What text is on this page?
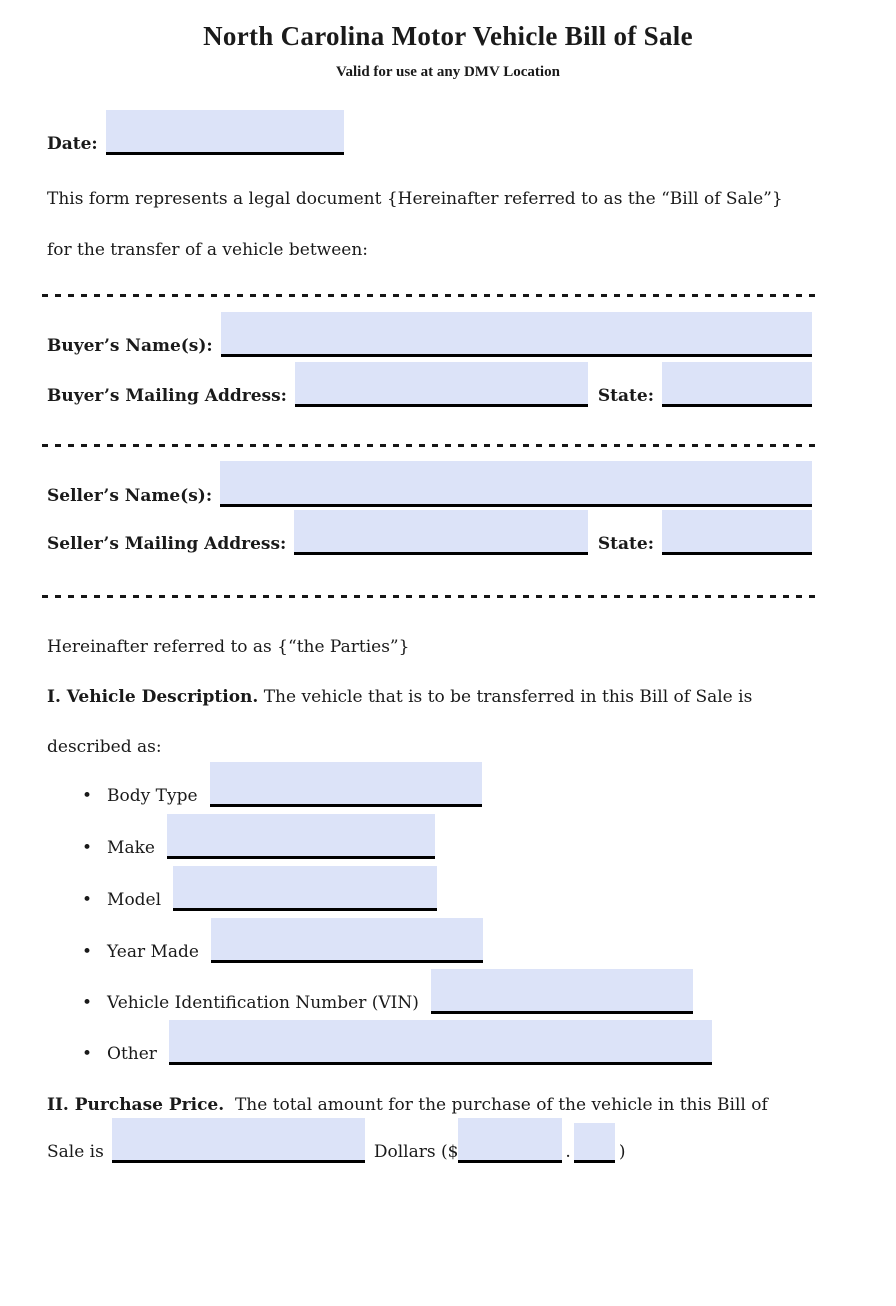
North Carolina Motor Vehicle Bill of Sale
Valid for use at any DMV Location
Date:
This form represents a legal document {Hereinafter referred to as the “Bill of Sale”}
for the transfer of a vehicle between:
Buyer’s Name(s):
Buyer’s Mailing Address:	State:
Seller’s Name(s):
Seller’s Mailing Address:	State:
Hereinafter referred to as {“the Parties”}
I. Vehicle Description. The vehicle that is to be transferred in this Bill of Sale is
described as:
• Body Type
• Make
• Model
• Year Made
• Vehicle Identification Number (VIN)
• Other
II. Purchase Price.  The total amount for the purchase of the vehicle in this Bill of
Sale is	Dollars ($	.	)
